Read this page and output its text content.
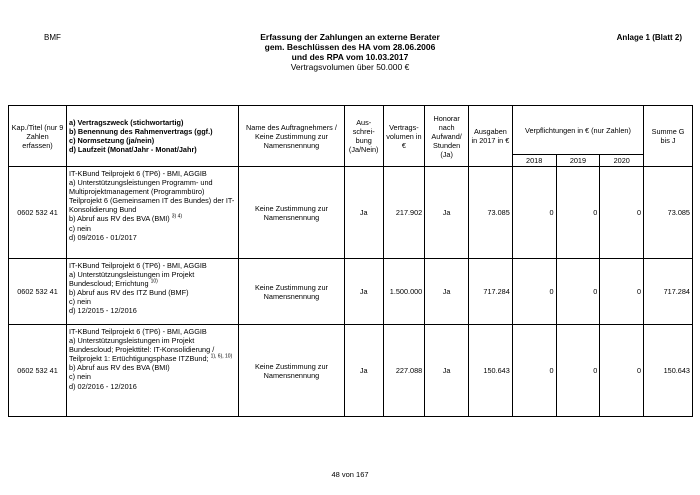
BMF	Anlage 1 (Blatt 2)
Erfassung der Zahlungen an externe Berater
gem. Beschlüssen des HA vom 28.06.2006
und des RPA vom 10.03.2017
Vertragsvolumen über 50.000 €
Kap./Titel (nur 9 Zahlen erfassen)	a) Vertragszweck (stichwortartig)
b) Benennung des Rahmenvertrags (ggf.)
c) Normsetzung (ja/nein)
d) Laufzeit (Monat/Jahr - Monat/Jahr)	Name des Auftragnehmers / Keine Zustimmung zur Namensnennung	Aus-schrei-bung (Ja/Nein)	Vertrags-volumen in €	Honorar nach Aufwand/ Stunden (Ja)	Ausgaben in 2017 in €	Verpflichtungen in € (nur Zahlen)			Summe G bis J
							2018	2019	2020	
0602 532 41	IT-KBund Teilprojekt 6 (TP6) - BMI, AGGIB
a) Unterstützungsleistungen Programm- und Multiprojektmanagement (Programmbüro) Teilprojekt 6 (Gemeinsamen IT des Bundes) der IT-Konsolidierung Bund
b) Abruf aus RV des BVA (BMI) $^{3) 4)}$
c) nein
d) 09/2016 - 01/2017	Keine Zustimmung zur Namensnennung	Ja	217.902	Ja	73.085	0	0	0	73.085
0602 532 41	IT-KBund Teilprojekt 6 (TP6) - BMI, AGGIB
a) Unterstützungsleistungen im Projekt Bundescloud; Errichtung $^{10)}$
b) Abruf aus RV des ITZ Bund (BMF)
c) nein
d) 12/2015 - 12/2016	Keine Zustimmung zur Namensnennung	Ja	1.500.000	Ja	717.284	0	0	0	717.284
0602 532 41	IT-KBund Teilprojekt 6 (TP6) - BMI, AGGIB
a) Unterstützungsleistungen im Projekt Bundescloud; Projekttitel: IT-Konsolidierung / Teilprojekt 1: Ertüchtigungsphase ITZBund; $^{1), 6), 10)}$
b) Abruf aus RV des BVA (BMI)
c) nein
d) 02/2016 - 12/2016	Keine Zustimmung zur Namensnennung	Ja	227.088	Ja	150.643	0	0	0	150.643
48 von 167
